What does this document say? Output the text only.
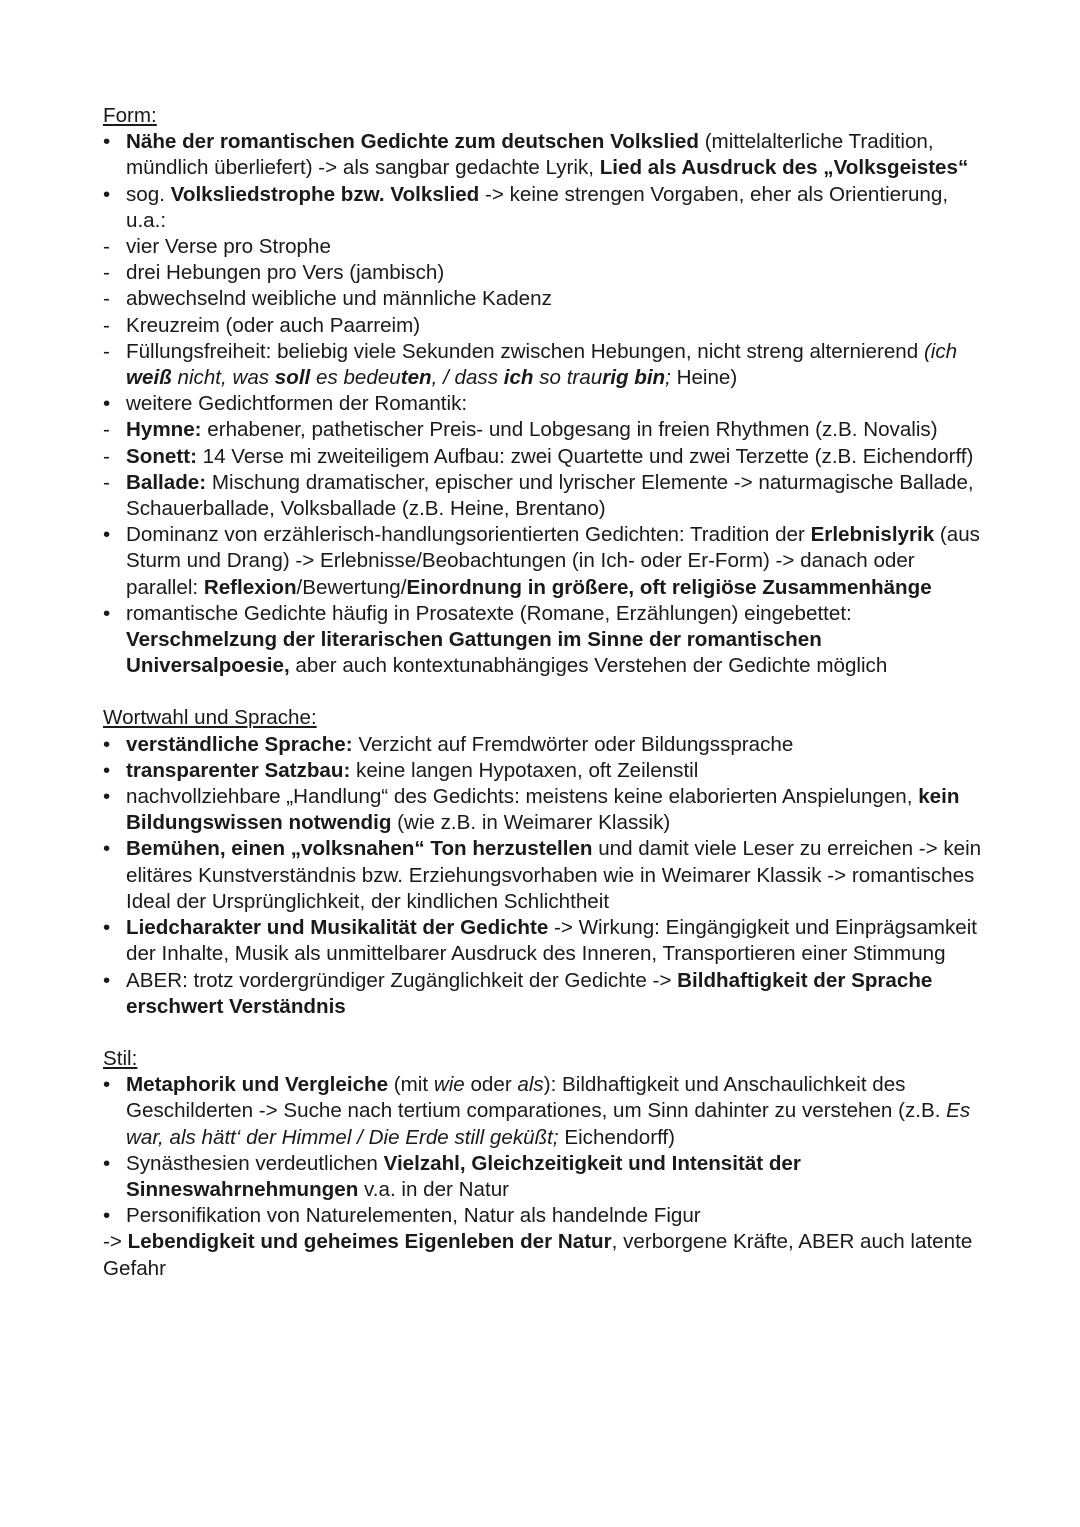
Form:

• Nähe der romantischen Gedichte zum deutschen Volkslied (mittelalterliche Tradition, mündlich überliefert) -> als sangbar gedachte Lyrik, Lied als Ausdruck des „Volksgeistes“
• sog. Volksliedstrophe bzw. Volkslied -> keine strengen Vorgaben, eher als Orientierung, u.a.:
- vier Verse pro Strophe
- drei Hebungen pro Vers (jambisch)
- abwechselnd weibliche und männliche Kadenz
- Kreuzreim (oder auch Paarreim)
- Füllungsfreiheit: beliebig viele Sekunden zwischen Hebungen, nicht streng alternierend (ich weiß nicht, was soll es bedeuten, / dass ich so traurig bin; Heine)
• weitere Gedichtformen der Romantik:
- Hymne: erhabener, pathetischer Preis- und Lobgesang in freien Rhythmen (z.B. Novalis)
- Sonett: 14 Verse mi zweiteiligem Aufbau: zwei Quartette und zwei Terzette (z.B. Eichendorff)
- Ballade: Mischung dramatischer, epischer und lyrischer Elemente -> naturmagische Ballade, Schauerballade, Volksballade (z.B. Heine, Brentano)
• Dominanz von erzählerisch-handlungsorientierten Gedichten: Tradition der Erlebnislyrik (aus Sturm und Drang) -> Erlebnisse/Beobachtungen (in Ich- oder Er-Form) -> danach oder parallel: Reflexion/Bewertung/Einordnung in größere, oft religiöse Zusammenhänge
• romantische Gedichte häufig in Prosatexte (Romane, Erzählungen) eingebettet: Verschmelzung der literarischen Gattungen im Sinne der romantischen Universalpoesie, aber auch kontextunabhängiges Verstehen der Gedichte möglich

Wortwahl und Sprache:

• verständliche Sprache: Verzicht auf Fremdwörter oder Bildungssprache
• transparenter Satzbau: keine langen Hypotaxen, oft Zeilenstil
• nachvollziehbare „Handlung“ des Gedichts: meistens keine elaborierten Anspielungen, kein Bildungswissen notwendig (wie z.B. in Weimarer Klassik)
• Bemühen, einen „volksnahen“ Ton herzustellen und damit viele Leser zu erreichen -> kein elitäres Kunstverständnis bzw. Erziehungsvorhaben wie in Weimarer Klassik -> romantisches Ideal der Ursprünglichkeit, der kindlichen Schlichtheit
• Liedcharakter und Musikalität der Gedichte -> Wirkung: Eingängigkeit und Einprägsamkeit der Inhalte, Musik als unmittelbarer Ausdruck des Inneren, Transportieren einer Stimmung
• ABER: trotz vordergründiger Zugänglichkeit der Gedichte -> Bildhaftigkeit der Sprache erschwert Verständnis

Stil:

• Metaphorik und Vergleiche (mit wie oder als): Bildhaftigkeit und Anschaulichkeit des Geschilderten -> Suche nach tertium comparationes, um Sinn dahinter zu verstehen (z.B. Es war, als hätt‘ der Himmel / Die Erde still geküßt; Eichendorff)
• Synästhesien verdeutlichen Vielzahl, Gleichzeitigkeit und Intensität der Sinneswahrnehmungen v.a. in der Natur
• Personifikation von Naturelementen, Natur als handelnde Figur

-> Lebendigkeit und geheimes Eigenleben der Natur, verborgene Kräfte, ABER auch latente Gefahr
